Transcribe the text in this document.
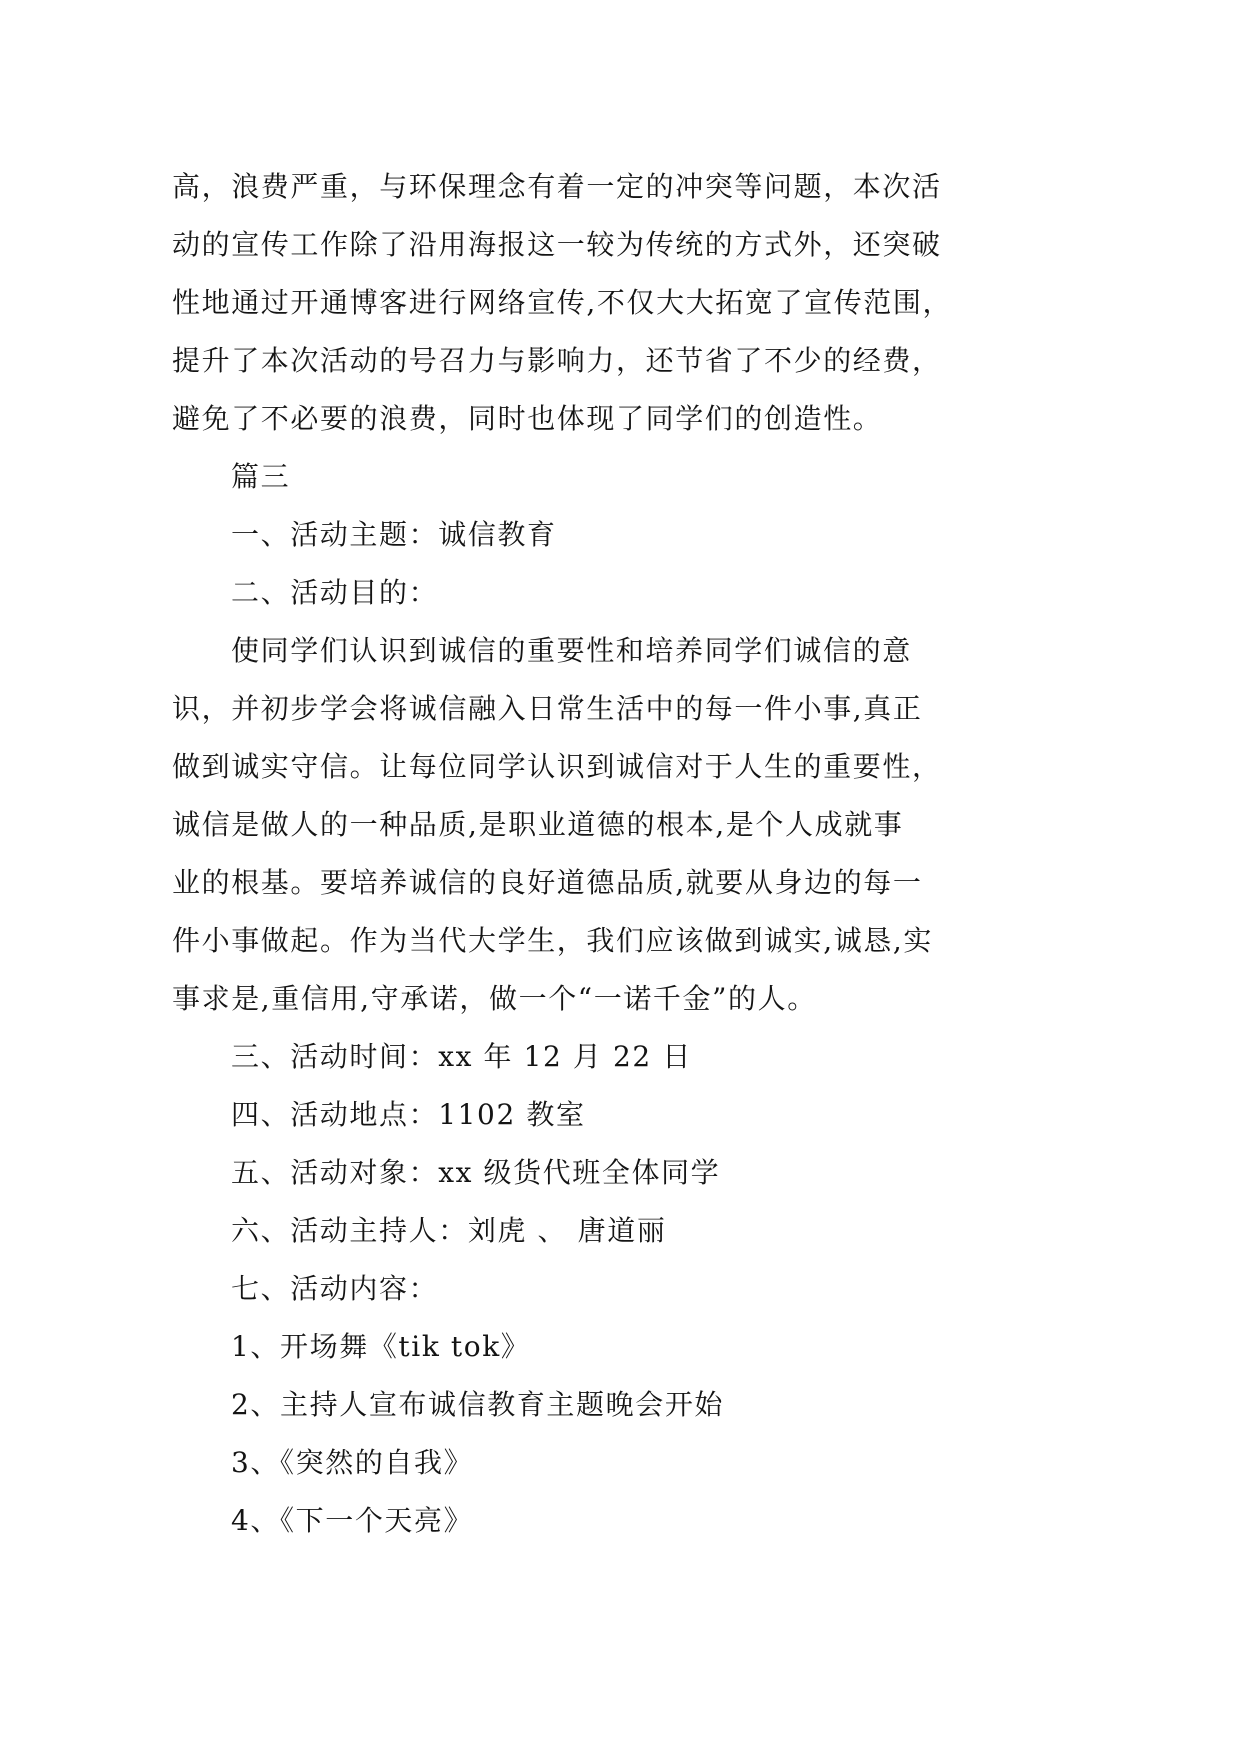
高，浪费严重，与环保理念有着一定的冲突等问题，本次活
动的宣传工作除了沿用海报这一较为传统的方式外，还突破
性地通过开通博客进行网络宣传,不仅大大拓宽了宣传范围，
提升了本次活动的号召力与影响力，还节省了不少的经费，
避免了不必要的浪费，同时也体现了同学们的创造性。
篇三
一、活动主题：诚信教育
二、活动目的：
使同学们认识到诚信的重要性和培养同学们诚信的意
识，并初步学会将诚信融入日常生活中的每一件小事,真正
做到诚实守信。让每位同学认识到诚信对于人生的重要性，
诚信是做人的一种品质,是职业道德的根本,是个人成就事
业的根基。要培养诚信的良好道德品质,就要从身边的每一
件小事做起。作为当代大学生，我们应该做到诚实,诚恳,实
事求是,重信用,守承诺，做一个“一诺千金”的人。
三、活动时间：xx 年 12 月 22 日
四、活动地点：1102 教室
五、活动对象：xx 级货代班全体同学
六、活动主持人：刘虎 、 唐道丽
七、活动内容：
1、开场舞《tik tok》
2、主持人宣布诚信教育主题晚会开始
3、《突然的自我》
4、《下一个天亮》
